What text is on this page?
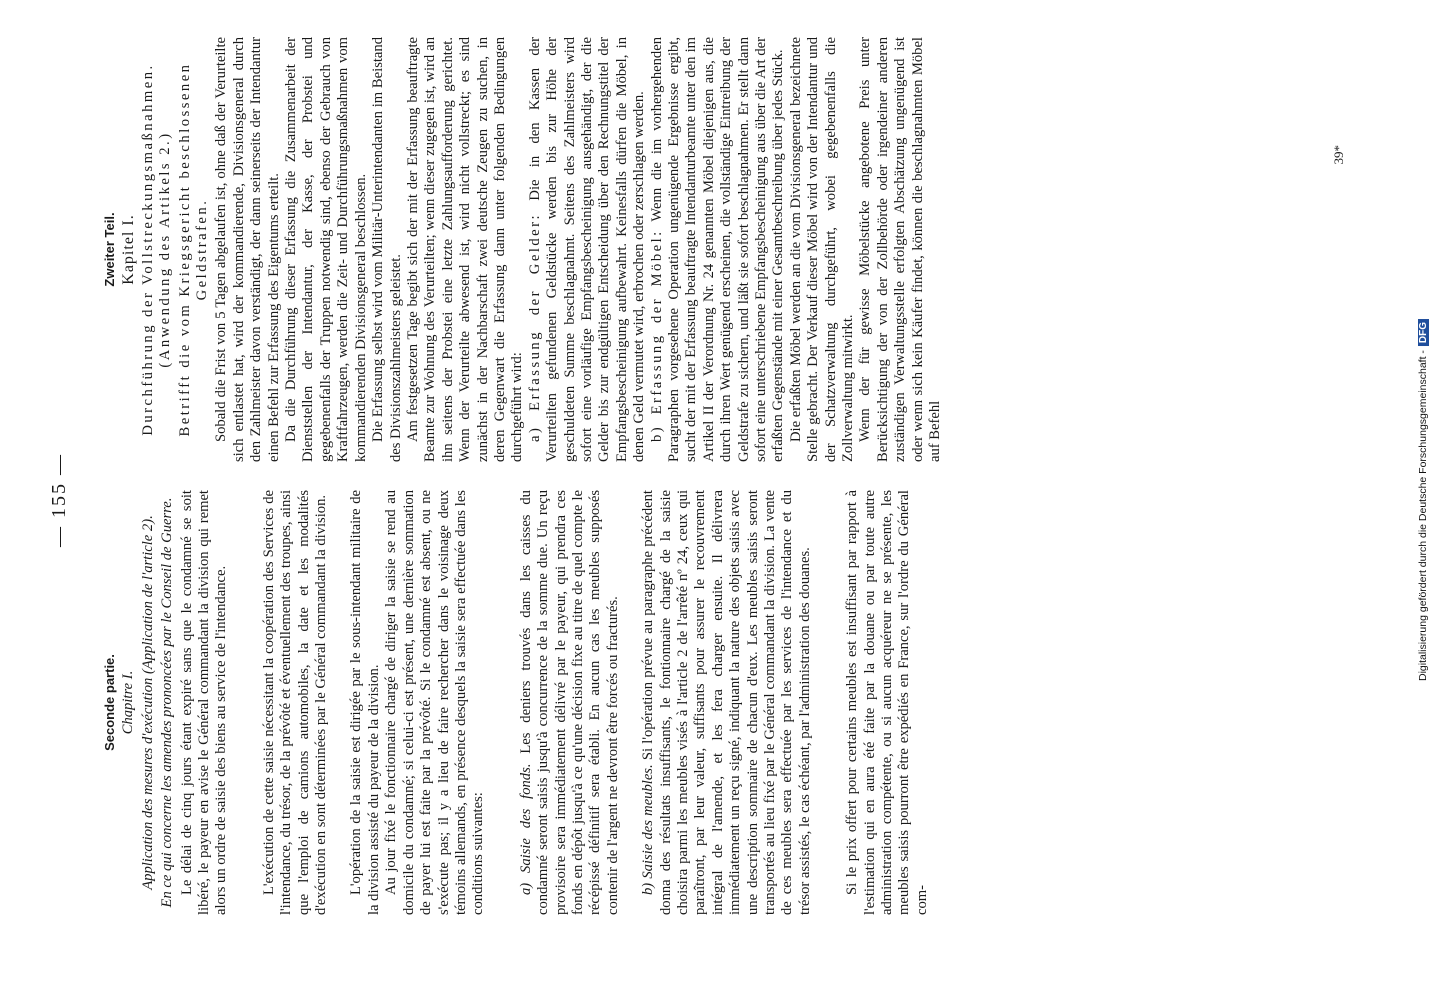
— 155 —
Seconde partie. Chapitre I. Application des mesures d'exécution (Application de l'article 2). En ce qui concerne les amendes prononcées par le Conseil de Guerre. Le délai de cinq jours étant expiré sans que le condamné se soit libéré, le payeur en avise le Général commandant la division qui remet alors un ordre de saisie des biens au service de l'intendance. L'exécution de cette saisie nécessitant la coopération des Services de l'intendance, du trésor, de la prévôté et éventuellement des troupes, ainsi que l'emploi de camions automobiles, la date et les modalités d'exécution en sont déterminées par le Général commandant la division. L'opération de la saisie est dirigée par le sous-intendant militaire de la division assisté du payeur de la division. Au jour fixé le fonctionnaire chargé de diriger la saisie se rend au domicile du condamné; si celui-ci est présent, une dernière sommation de payer lui est faite par la prévôté. Si le condamné est absent, ou ne s'exécute pas; il y a lieu de faire rechercher dans le voisinage deux témoins allemands, en présence desquels la saisie sera effectuée dans les conditions suivantes: a) Saisie des fonds. Les deniers trouvés dans les caisses du condamné seront saisis jusqu'à concurrence de la somme due. Un reçu provisoire sera immédiatement délivré par le payeur, qui prendra ces fonds en dépôt jusqu'à ce qu'une décision fixe au titre de quel compte le récépissé définitif sera établi. En aucun cas les meubles supposés contenir de l'argent ne devront être forcés ou fracturés. b) Saisie des meubles. Si l'opération prévue au paragraphe précédent donna des résultats insuffisants, le fontionnaire chargé de la saisie choisira parmi les meubles visés à l'article 2 de l'arrêté nº 24, ceux qui paraîtront, par leur valeur, suffisants pour assurer le recouvrement intégral de l'amende, et les fera charger ensuite. Il délivrera immédiatement un reçu signé, indiquant la nature des objets saisis avec une description sommaire de chacun d'eux. Les meubles saisis seront transportés au lieu fixé par le Général commandant la division. La vente de ces meubles sera effectuée par les services de l'intendance et du trésor assistés, le cas échéant, par l'administration des douanes. Si le prix offert pour certains meubles est insuffisant par rapport à l'estimation qui en aura été faite par la douane ou par toute autre administration compétente, ou si aucun acquéreur ne se présente, les meubles saisis pourront être expédiés en France, sur l'ordre du Général com-

Zweiter Teil. Kapitel I. Durchführung der Vollstreckungsmaßnahmen. (Anwendung des Artikels 2.) Betrifft die vom Kriegsgericht beschlossenen Geldstrafen. Sobald die Frist von 5 Tagen abgelaufen ist, ohne daß der Verurteilte sich entlastet hat, wird der kommandierende, Divisionsgeneral durch den Zahlmeister davon verständigt, der dann seinerseits der Intendantur einen Befehl zur Erfassung des Eigentums erteilt. Da die Durchführung dieser Erfassung die Zusammenarbeit der Dienststellen der Intendantur, der Kasse, der Probstei und gegebenenfalls der Truppen notwendig sind, ebenso der Gebrauch von Kraftfahrzeugen, werden die Zeit- und Durchführungsmaßnahmen vom kommandierenden Divisionsgeneral beschlossen. Die Erfassung selbst wird vom Militär-Unterintendanten im Beistand des Divisionszahlmeisters geleistet. Am festgesetzen Tage begibt sich der mit der Erfassung beauftragte Beamte zur Wohnung des Verurteilten; wenn dieser zugegen ist, wird an ihn seitens der Probstei eine letzte Zahlungsaufforderung gerichtet. Wenn der Verurteilte abwesend ist, wird nicht vollstreckt; es sind zunächst in der Nachbarschaft zwei deutsche Zeugen zu suchen, in deren Gegenwart die Erfassung dann unter folgenden Bedingungen durchgeführt wird: a) Erfassung der Gelder: Die in den Kassen der Verurteilten gefundenen Geldstücke werden bis zur Höhe der geschuldeten Summe beschlagnahmt. Seitens des Zahlmeisters wird sofort eine vorläufige Empfangsbescheinigung ausgehändigt, der die Gelder bis zur endgültigen Entscheidung über den Rechnungstitel der Empfangsbescheinigung aufbewahrt. Keinesfalls dürfen die Möbel, in denen Geld vermutet wird, erbrochen oder zerschlagen werden. b) Erfassung der Möbel: Wenn die im vorhergehenden Paragraphen vorgesehene Operation ungenügende Ergebnisse ergibt, sucht der mit der Erfassung beauftragte Intendanturbeamte unter den im Artikel II der Verordnung Nr. 24 genannten Möbel diejenigen aus, die durch ihren Wert genügend erscheinen, die vollständige Eintreibung der Geldstrafe zu sichern, und läßt sie sofort beschlagnahmen. Er stellt dann sofort eine unterschriebene Empfangsbescheinigung aus über die Art der erfaßten Gegenstände mit einer Gesamtbeschreibung über jedes Stück. Die erfaßten Möbel werden an die vom Divisionsgeneral bezeichnete Stelle gebracht. Der Verkauf dieser Möbel wird von der Intendantur und der Schatzverwaltung durchgeführt, wobei gegebenenfalls die Zollverwaltung mitwirkt. Wenn der für gewisse Möbelstücke angebotene Preis unter Berücksichtigung der von der Zollbehörde oder irgendeiner anderen zuständigen Verwaltungsstelle erfolgten Abschätzung ungenügend ist oder wenn sich kein Käufer findet, können die beschlagnahmten Möbel auf Befehl

39*
Digitalisierung gefördert durch die Deutsche Forschungsgemeinschaft -DFG
